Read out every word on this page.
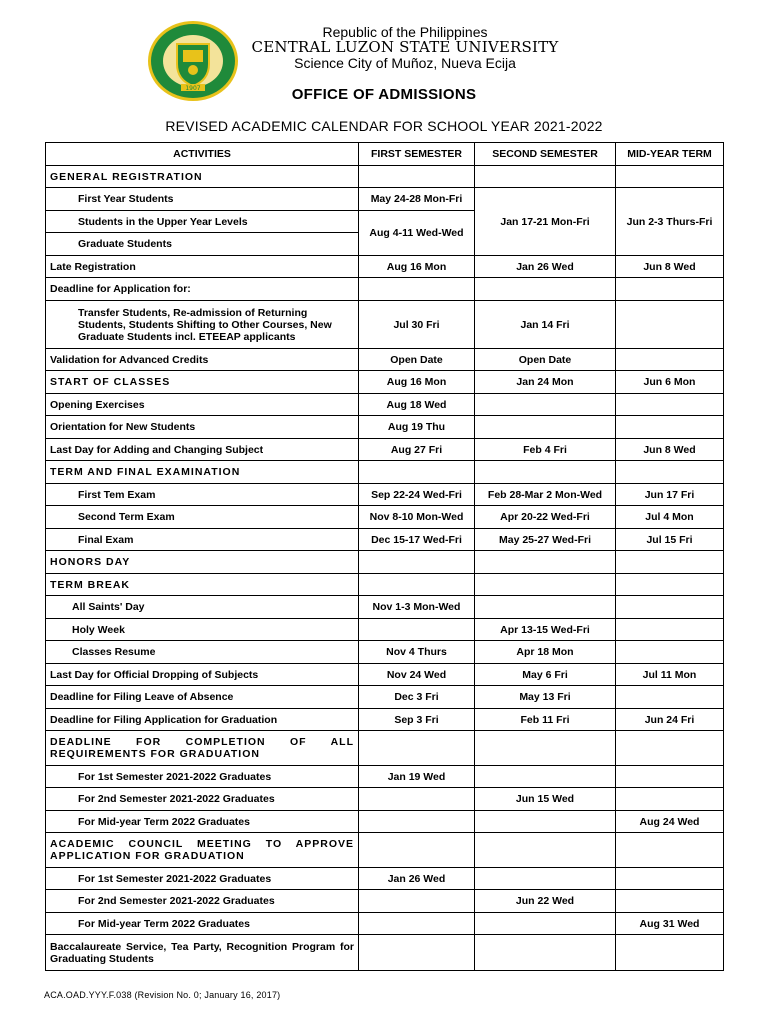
1907
Republic of the Philippines
CENTRAL LUZON STATE UNIVERSITY
Science City of Muñoz, Nueva Ecija
OFFICE OF ADMISSIONS
REVISED ACADEMIC CALENDAR FOR SCHOOL YEAR 2021-2022
ACTIVITIES	FIRST SEMESTER	SECOND SEMESTER	MID-YEAR TERM
GENERAL REGISTRATION			
First Year Students	May 24-28 Mon-Fri	Jan 17-21 Mon-Fri	Jun 2-3 Thurs-Fri
Students in the Upper Year Levels	Aug 4-11 Wed-Wed		
Graduate Students			
Late Registration	Aug 16 Mon	Jan 26 Wed	Jun 8 Wed
Deadline for Application for:			
Transfer Students, Re-admission of Returning Students, Students Shifting to Other Courses, New Graduate Students incl. ETEEAP applicants	Jul 30 Fri	Jan 14 Fri	
Validation for Advanced Credits	Open Date	Open Date	
START OF CLASSES	Aug 16 Mon	Jan 24 Mon	Jun 6 Mon
Opening Exercises	Aug 18 Wed		
Orientation for New Students	Aug 19 Thu		
Last Day for Adding and Changing Subject	Aug 27 Fri	Feb 4 Fri	Jun 8 Wed
TERM AND FINAL EXAMINATION			
First Tem Exam	Sep 22-24 Wed-Fri	Feb 28-Mar 2 Mon-Wed	Jun 17 Fri
Second Term Exam	Nov 8-10 Mon-Wed	Apr 20-22 Wed-Fri	Jul 4 Mon
Final Exam	Dec 15-17 Wed-Fri	May 25-27 Wed-Fri	Jul 15 Fri
HONORS DAY			
TERM BREAK			
All Saints' Day	Nov 1-3 Mon-Wed		
Holy Week		Apr 13-15 Wed-Fri	
Classes Resume	Nov 4 Thurs	Apr 18 Mon	
Last Day for Official Dropping of Subjects	Nov 24 Wed	May 6 Fri	Jul 11 Mon
Deadline for Filing Leave of Absence	Dec 3 Fri	May 13 Fri	
Deadline for Filing Application for Graduation	Sep 3 Fri	Feb 11 Fri	Jun 24 Fri
DEADLINE FOR COMPLETION OF ALL REQUIREMENTS FOR GRADUATION			
For 1st Semester 2021-2022 Graduates	Jan 19 Wed		
For 2nd Semester 2021-2022 Graduates		Jun 15 Wed	
For Mid-year Term 2022 Graduates			Aug 24 Wed
ACADEMIC COUNCIL MEETING TO APPROVE APPLICATION FOR GRADUATION			
For 1st Semester 2021-2022 Graduates	Jan 26 Wed		
For 2nd Semester 2021-2022 Graduates		Jun 22 Wed	
For Mid-year Term 2022 Graduates			Aug 31 Wed
Baccalaureate Service, Tea Party, Recognition Program for Graduating Students			
ACA.OAD.YYY.F.038 (Revision No. 0; January 16, 2017)
